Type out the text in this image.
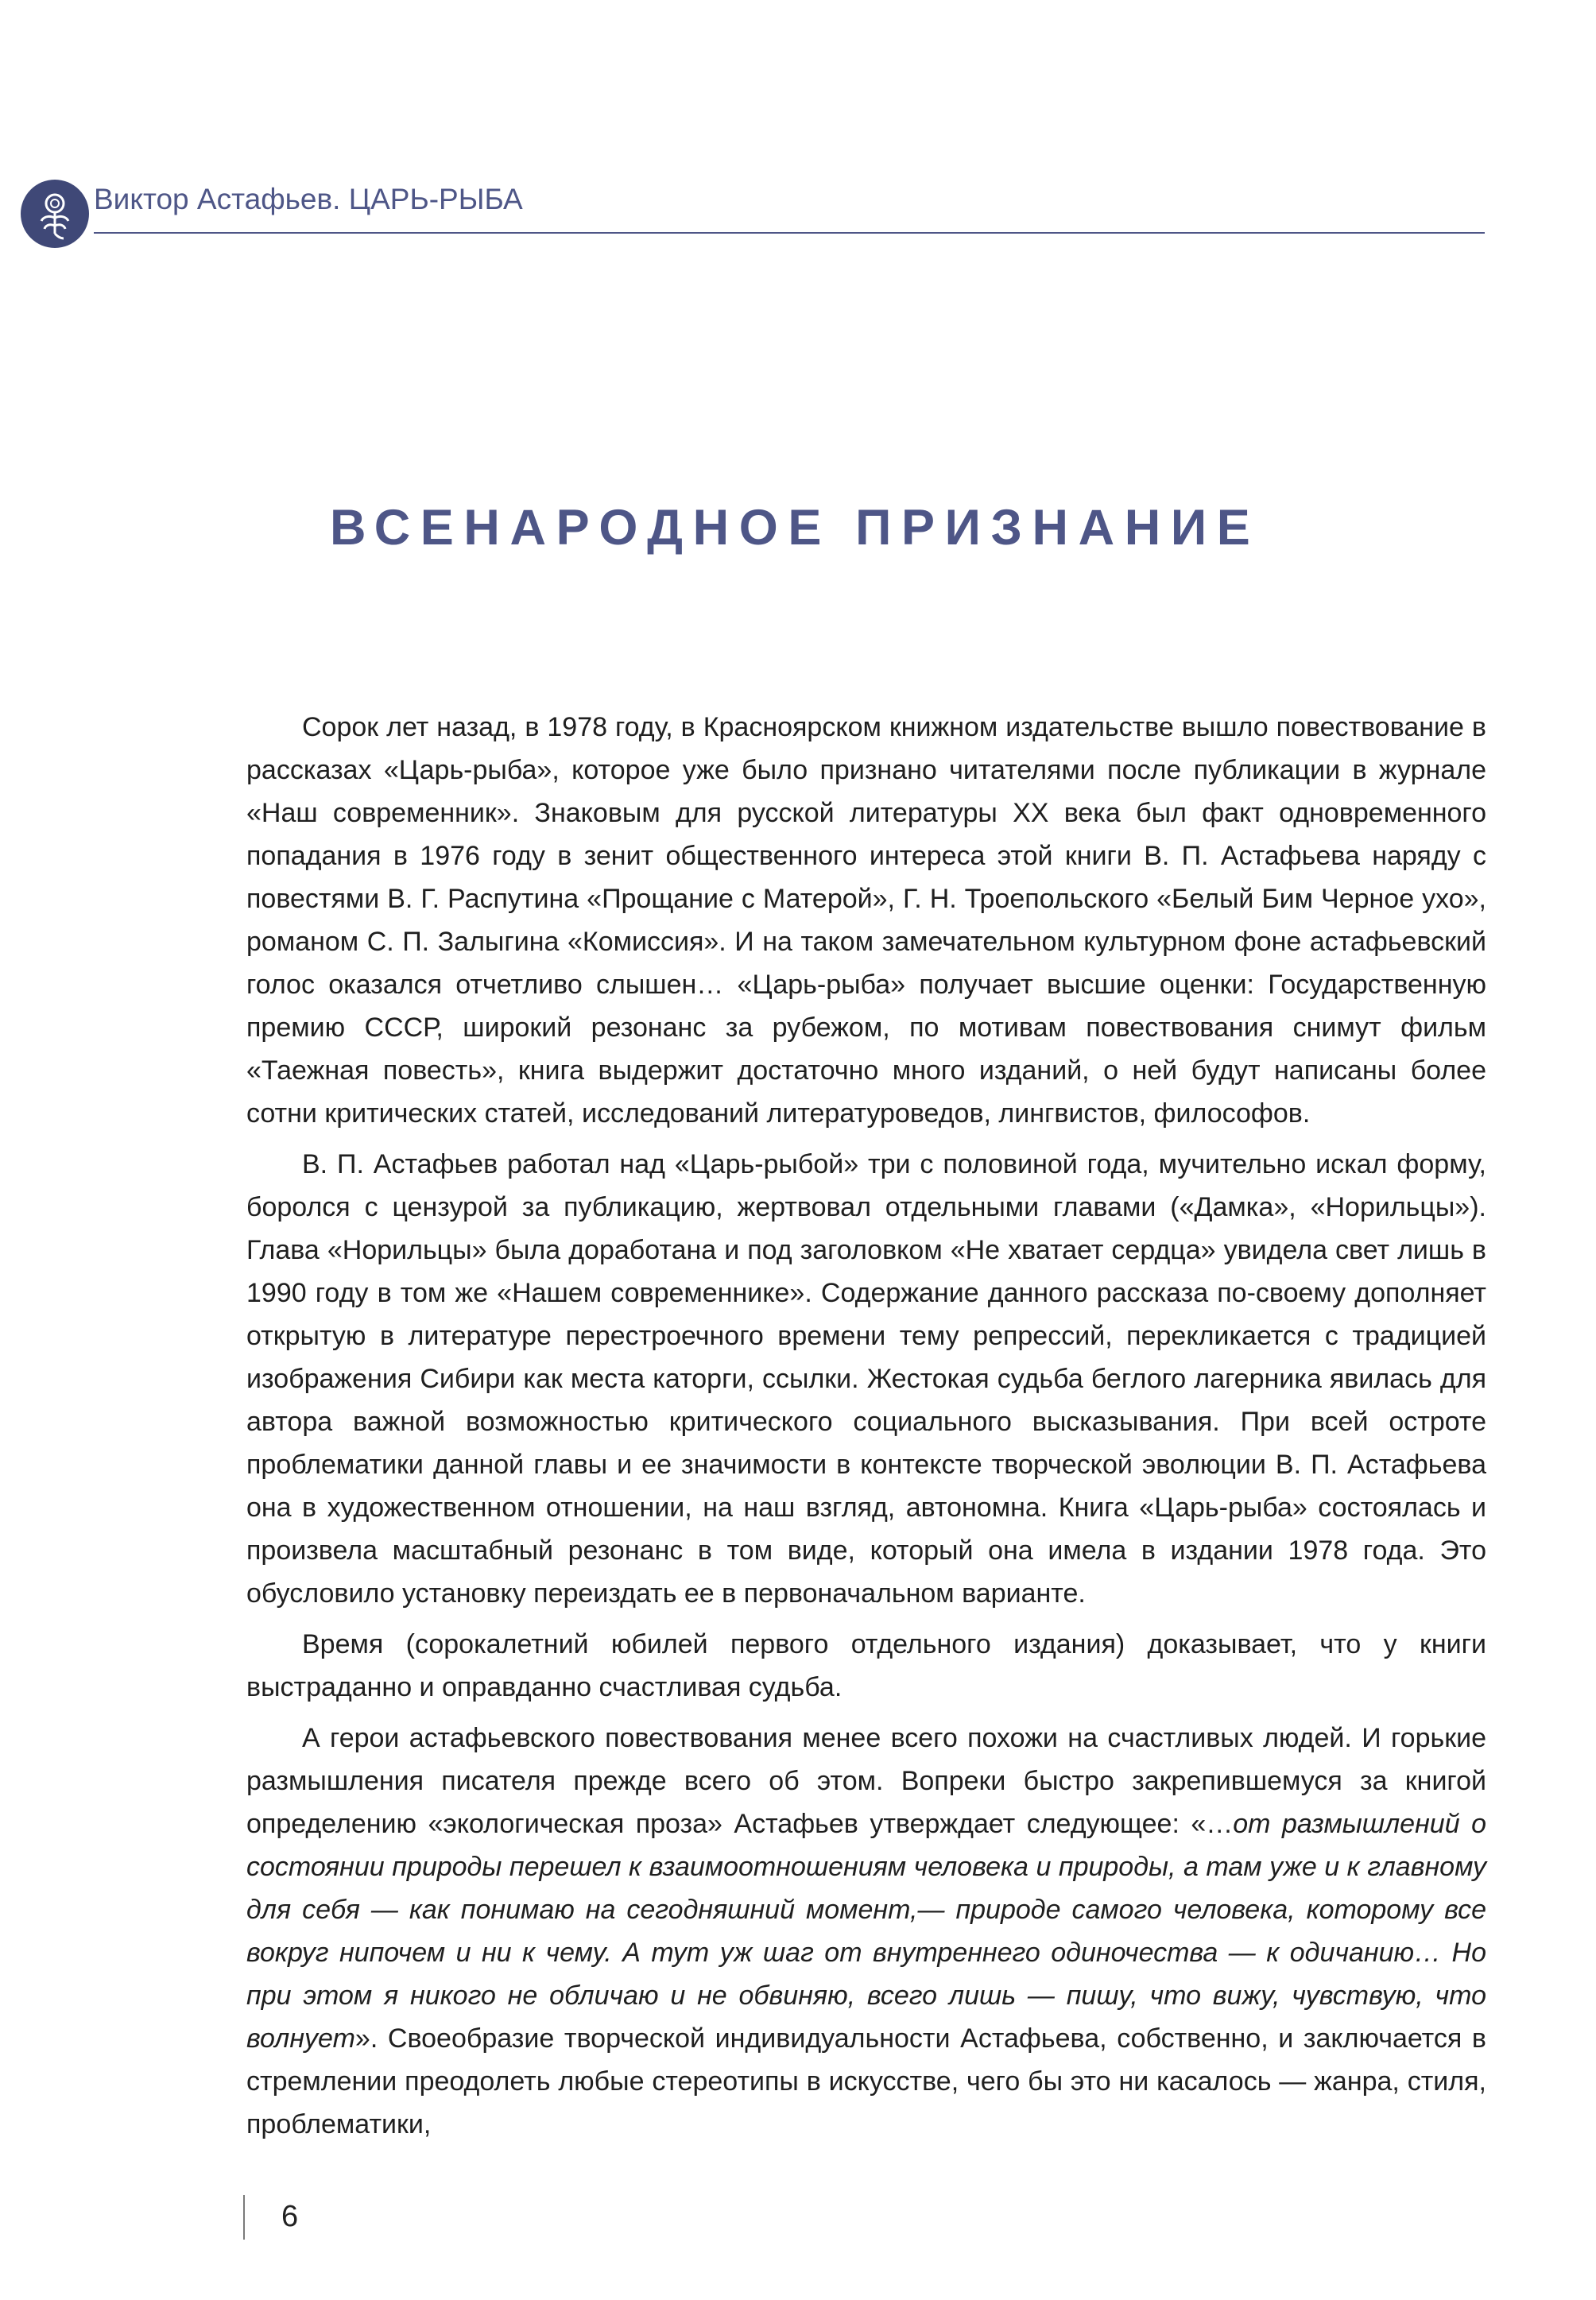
Виктор Астафьев. ЦАРЬ-РЫБА
ВСЕНАРОДНОЕ ПРИЗНАНИЕ

Сорок лет назад, в 1978 году, в Красноярском книжном издательстве вышло повествование в рассказах «Царь-рыба», которое уже было признано читателями после публикации в журнале «Наш современник». Знаковым для русской литературы ХХ века был факт одновременного попадания в 1976 году в зенит общественного интереса этой книги В. П. Астафьева наряду с повестями В. Г. Распутина «Прощание с Матерой», Г. Н. Троепольского «Белый Бим Черное ухо», романом С. П. Залыгина «Комиссия». И на таком замечательном культурном фоне астафьевский голос оказался отчетливо слышен… «Царь-рыба» получает высшие оценки: Государственную премию СССР, широкий резонанс за рубежом, по мотивам повествования снимут фильм «Таежная повесть», книга выдержит достаточно много изданий, о ней будут написаны более сотни критических статей, исследований литературоведов, лингвистов, философов.

В. П. Астафьев работал над «Царь-рыбой» три с половиной года, мучительно искал форму, боролся с цензурой за публикацию, жертвовал отдельными главами («Дамка», «Норильцы»). Глава «Норильцы» была доработана и под заголовком «Не хватает сердца» увидела свет лишь в 1990 году в том же «Нашем современнике». Содержание данного рассказа по-своему дополняет открытую в литературе перестроечного времени тему репрессий, перекликается с традицией изображения Сибири как места каторги, ссылки. Жестокая судьба беглого лагерника явилась для автора важной возможностью критического социального высказывания. При всей остроте проблематики данной главы и ее значимости в контексте творческой эволюции В. П. Астафьева она в художественном отношении, на наш взгляд, автономна. Книга «Царь-рыба» состоялась и произвела масштабный резонанс в том виде, который она имела в издании 1978 года. Это обусловило установку переиздать ее в первоначальном варианте.

Время (сорокалетний юбилей первого отдельного издания) доказывает, что у книги выстраданно и оправданно счастливая судьба.

А герои астафьевского повествования менее всего похожи на счастливых людей. И горькие размышления писателя прежде всего об этом. Вопреки быстро закрепившемуся за книгой определению «экологическая проза» Астафьев утверждает следующее: «…от размышлений о состоянии природы перешел к взаимоотношениям человека и природы, а там уже и к главному для себя — как понимаю на сегодняшний момент,— природе самого человека, которому все вокруг нипочем и ни к чему. А тут уж шаг от внутреннего одиночества — к одичанию… Но при этом я никого не обличаю и не обвиняю, всего лишь — пишу, что вижу, чувствую, что волнует». Своеобразие творческой индивидуальности Астафьева, собственно, и заключается в стремлении преодолеть любые стереотипы в искусстве, чего бы это ни касалось — жанра, стиля, проблематики,

6
